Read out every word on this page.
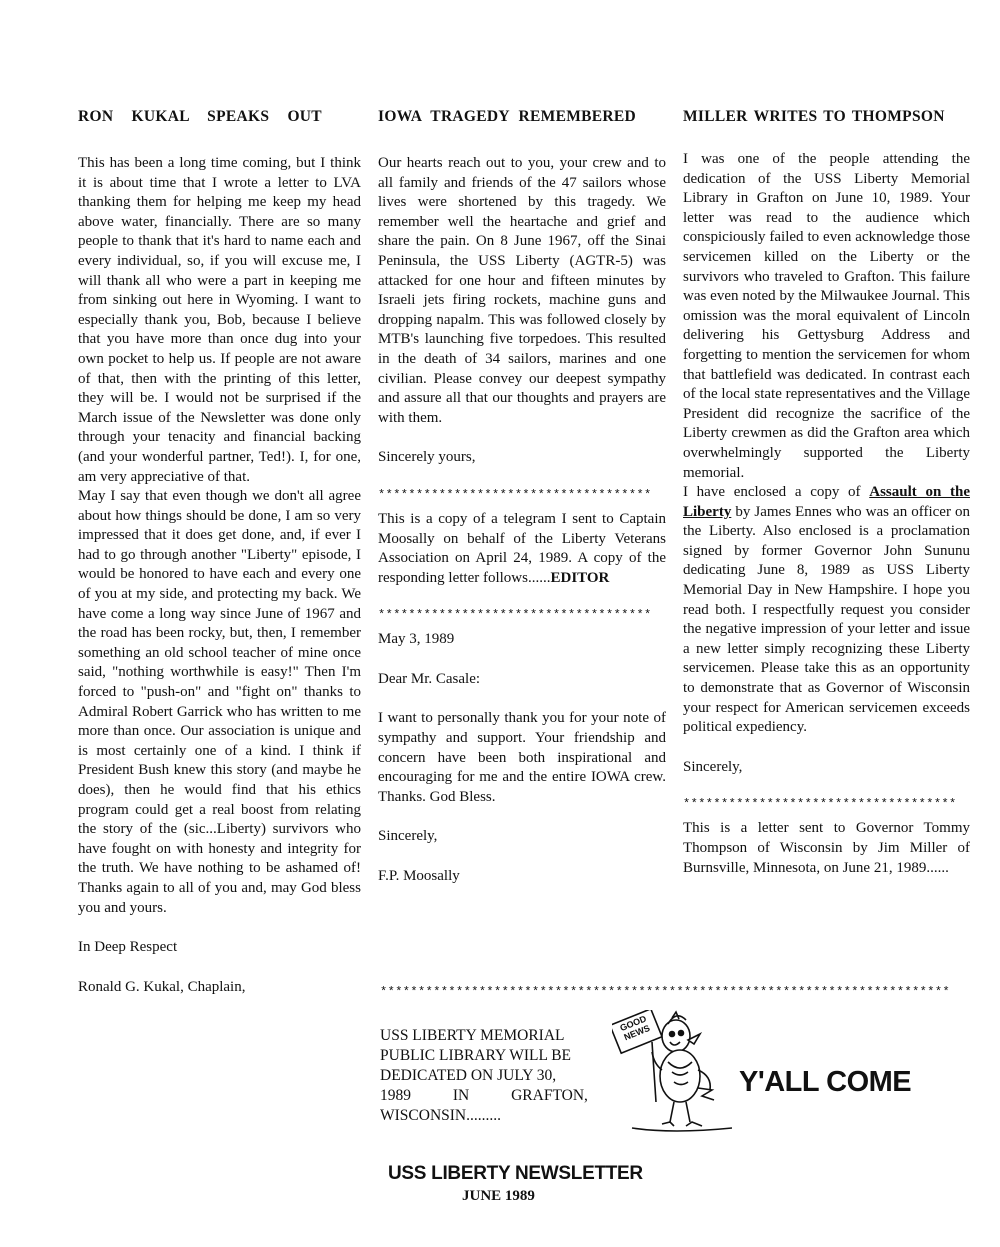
RON KUKAL SPEAKS OUT	IOWA TRAGEDY REMEMBERED	MILLER WRITES TO THOMPSON

This has been a long time coming, but I think it is about time that I wrote a letter to LVA thanking them for helping me keep my head above water, financially. There are so many people to thank that it's hard to name each and every individual, so, if you will excuse me, I will thank all who were a part in keeping me from sinking out here in Wyoming. I want to especially thank you, Bob, because I believe that you have more than once dug into your own pocket to help us. If people are not aware of that, then with the printing of this letter, they will be. I would not be surprised if the March issue of the Newsletter was done only through your tenacity and financial backing (and your wonderful partner, Ted!). I, for one, am very appreciative of that.

May I say that even though we don't all agree about how things should be done, I am so very impressed that it does get done, and, if ever I had to go through another "Liberty" episode, I would be honored to have each and every one of you at my side, and protecting my back. We have come a long way since June of 1967 and the road has been rocky, but, then, I remember something an old school teacher of mine once said, "nothing worthwhile is easy!" Then I'm forced to "push-on" and "fight on" thanks to Admiral Robert Garrick who has written to me more than once. Our association is unique and is most certainly one of a kind. I think if President Bush knew this story (and maybe he does), then he would find that his ethics program could get a real boost from relating the story of the (sic...Liberty) survivors who have fought on with honesty and integrity for the truth. We have nothing to be ashamed of! Thanks again to all of you and, may God bless you and yours.

In Deep Respect

Ronald G. Kukal, Chaplain,

Our hearts reach out to you, your crew and to all family and friends of the 47 sailors whose lives were shortened by this tragedy. We remember well the heartache and grief and share the pain. On 8 June 1967, off the Sinai Peninsula, the USS Liberty (AGTR-5) was attacked for one hour and fifteen minutes by Israeli jets firing rockets, machine guns and dropping napalm. This was followed closely by MTB's launching five torpedoes. This resulted in the death of 34 sailors, marines and one civilian. Please convey our deepest sympathy and assure all that our thoughts and prayers are with them.

Sincerely yours,

************************************

This is a copy of a telegram I sent to Captain Moosally on behalf of the Liberty Veterans Association on April 24, 1989. A copy of the responding letter follows......EDITOR

************************************

May 3, 1989

Dear Mr. Casale:

I want to personally thank you for your note of sympathy and support. Your friendship and concern have been both inspirational and encouraging for me and the entire IOWA crew. Thanks. God Bless.

Sincerely,

F.P. Moosally

I was one of the people attending the dedication of the USS Liberty Memorial Library in Grafton on June 10, 1989. Your letter was read to the audience which conspiciously failed to even acknowledge those servicemen killed on the Liberty or the survivors who traveled to Grafton. This failure was even noted by the Milwaukee Journal. This omission was the moral equivalent of Lincoln delivering his Gettysburg Address and forgetting to mention the servicemen for whom that battlefield was dedicated. In contrast each of the local state representatives and the Village President did recognize the sacrifice of the Liberty crewmen as did the Grafton area which overwhelmingly supported the Liberty memorial.

I have enclosed a copy of Assault on the Liberty by James Ennes who was an officer on the Liberty. Also enclosed is a proclamation signed by former Governor John Sununu dedicating June 8, 1989 as USS Liberty Memorial Day in New Hampshire. I hope you read both. I respectfully request you consider the negative impression of your letter and issue a new letter simply recognizing these Liberty servicemen. Please take this as an opportunity to demonstrate that as Governor of Wisconsin your respect for American servicemen exceeds political expediency.

Sincerely,

************************************

This is a letter sent to Governor Tommy Thompson of Wisconsin by Jim Miller of Burnsville, Minnesota, on June 21, 1989......

***************************************************************************
USS LIBERTY MEMORIAL
PUBLIC LIBRARY WILL BE
DEDICATED ON JULY 30,
1989 IN GRAFTON,
WISCONSIN.........
GOOD NEWS
Y'ALL COME
USS LIBERTY NEWSLETTER
JUNE 1989
